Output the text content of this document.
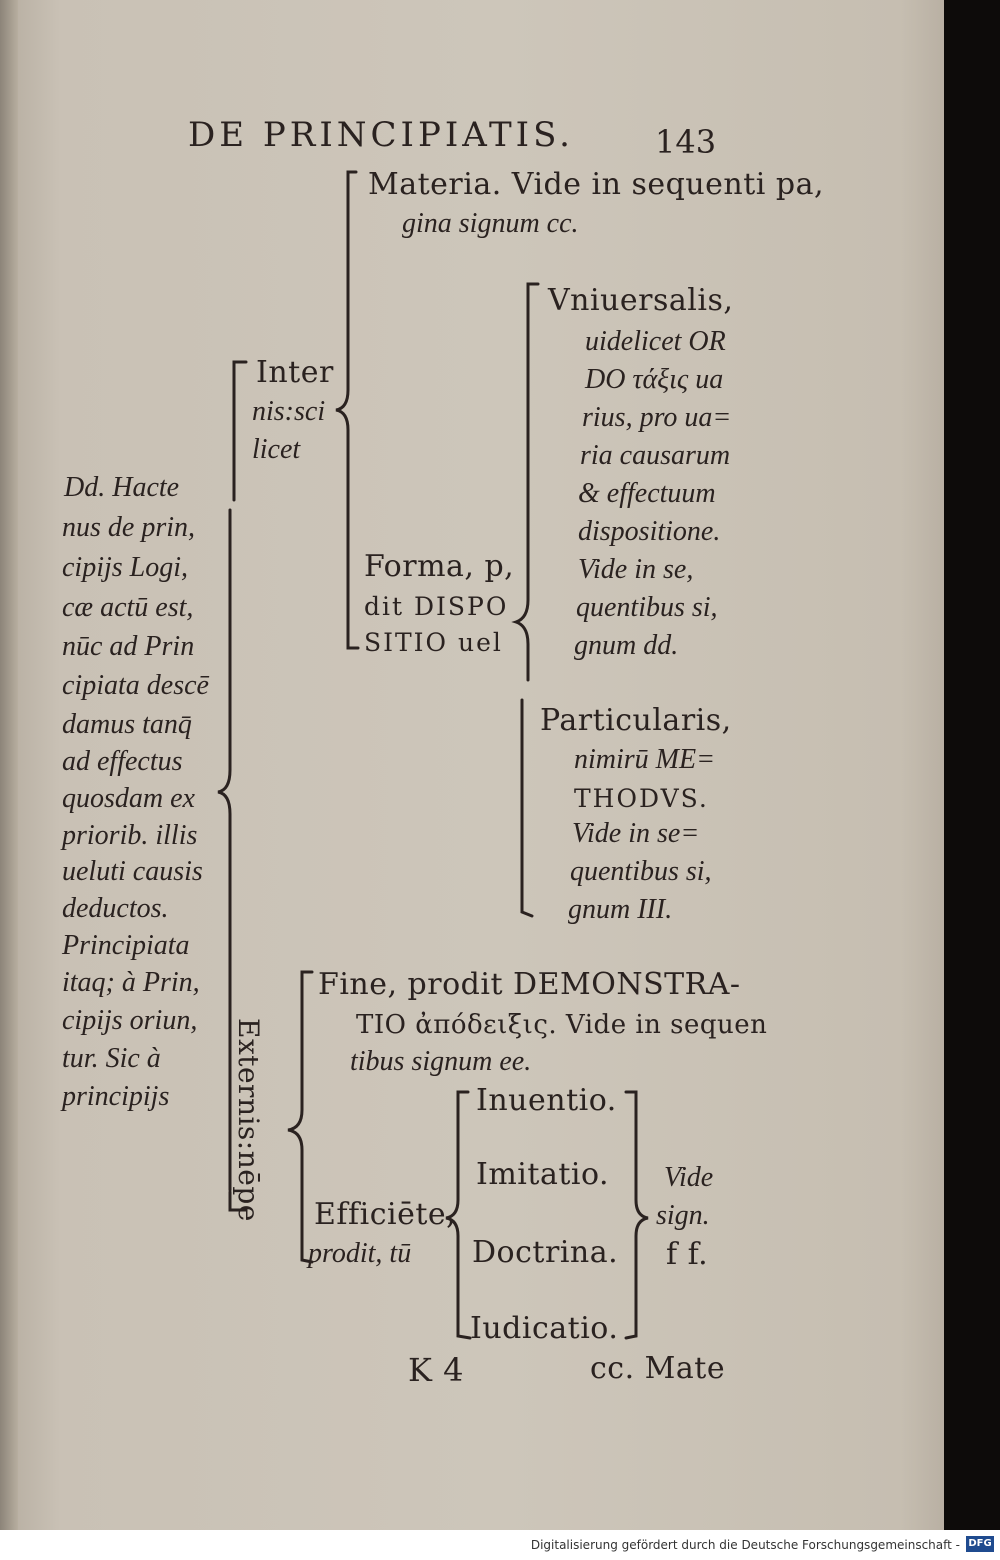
DE PRINCIPIATIS.	143
Dd. Hacte
nus de prin,
cipijs Logi,
cæ actū est,
nūc ad Prin
cipiata descē
damus tanq̄
ad effectus
quosdam ex
priorib. illis
ueluti causis
deductos.
Principiata
itaq; à Prin,
cipijs oriun,
tur. Sic à
principijs
Inter
nis:sci
licet
Materia. Vide in sequenti pa,
gina signum cc.
Forma, p,
dit DISPO
SITIO uel
Vniuersalis,
uidelicet OR
DO τάξις ua
rius, pro ua=
ria causarum
& effectuum
dispositione.
Vide in se,
quentibus si,
gnum dd.
Particularis,
nimirū ME=
THODVS.
Vide in se=
quentibus si,
gnum III.
Externis:nēpe
Fine, prodit DEMONSTRA-
TIO ἀπόδειξις. Vide in sequen
tibus signum ee.
Efficiēte,
prodit, tū
Inuentio.
Imitatio.
Doctrina.
Iudicatio.
Vide
sign.
f f.
K 4	cc. Mate
Digitalisierung gefördert durch die Deutsche Forschungsgemeinschaft - DFG
